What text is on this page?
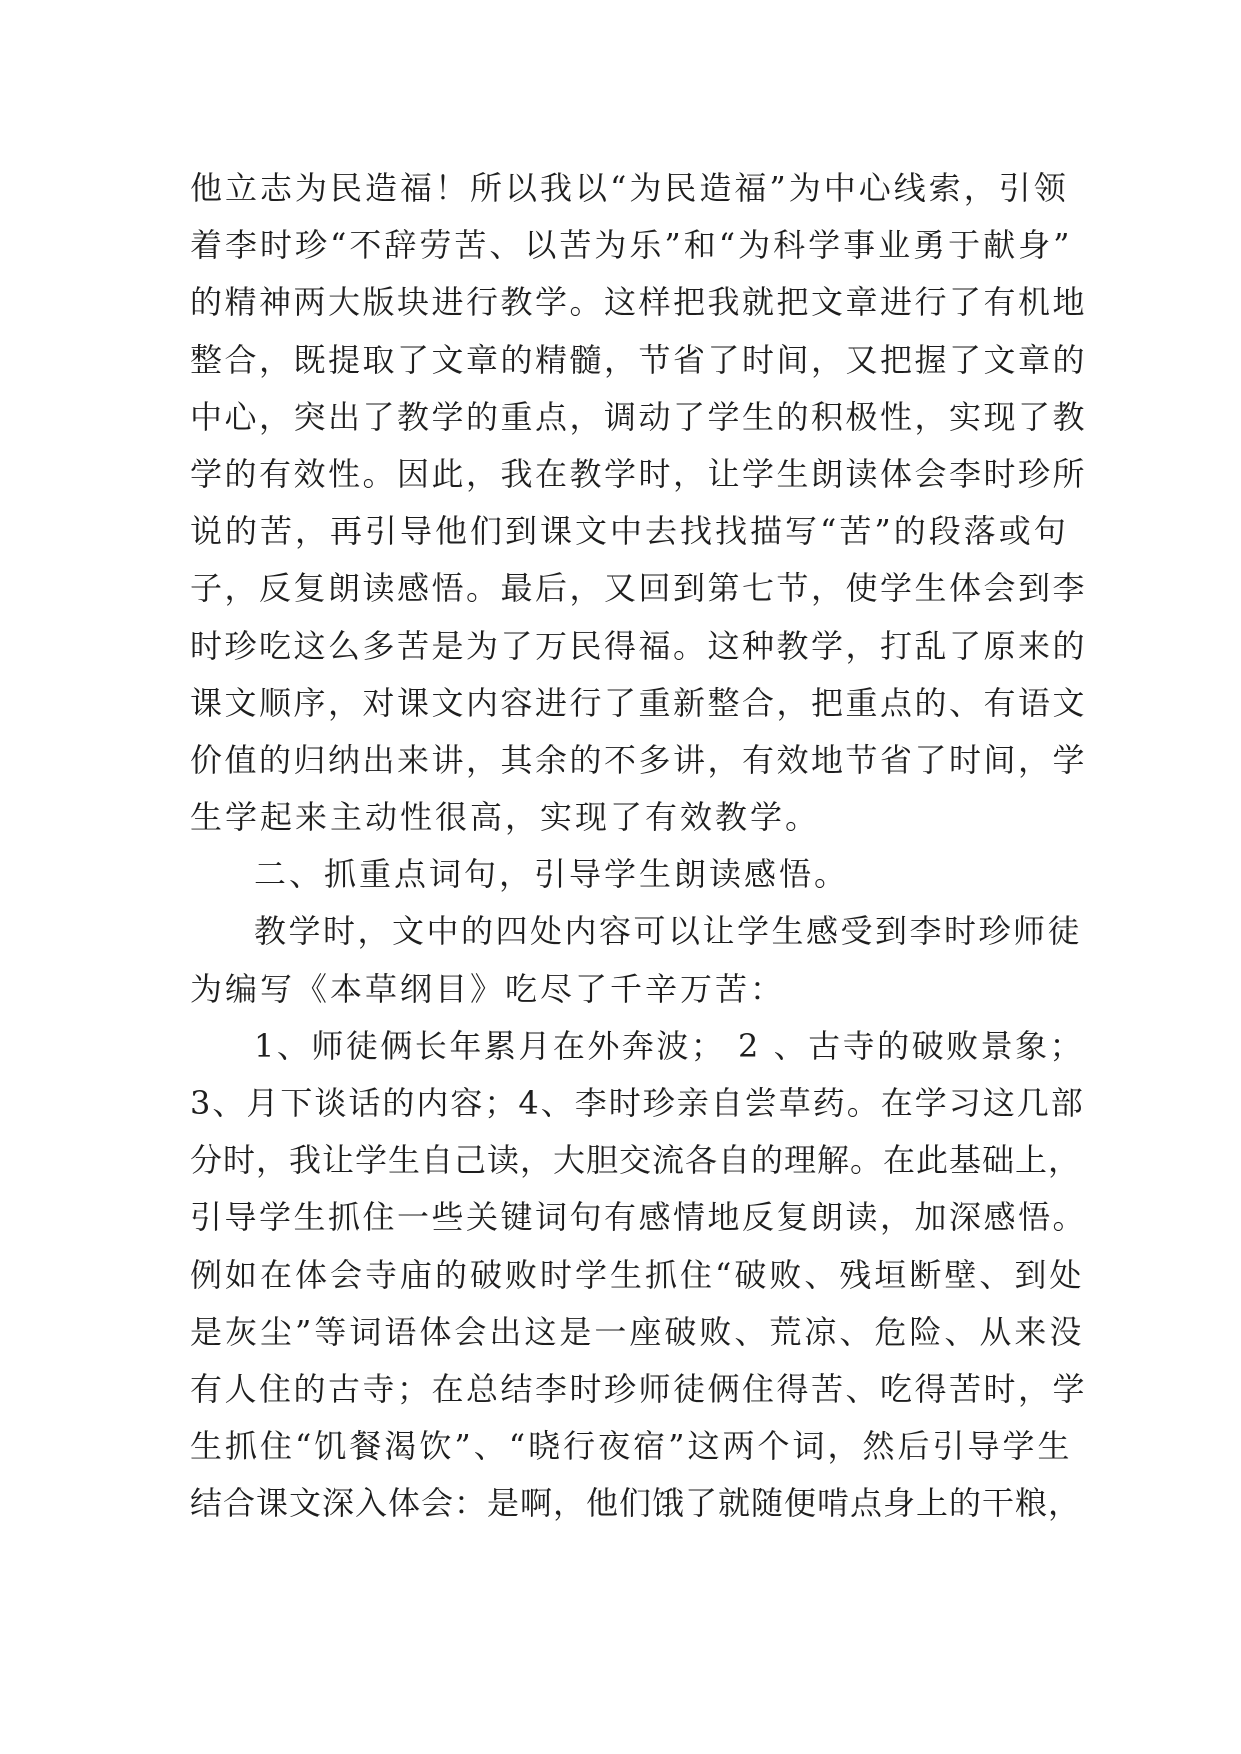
他立志为民造福！所以我以“为民造福”为中心线索，引领
着李时珍“不辞劳苦、以苦为乐”和“为科学事业勇于献身”
的精神两大版块进行教学。这样把我就把文章进行了有机地
整合，既提取了文章的精髓，节省了时间，又把握了文章的
中心，突出了教学的重点，调动了学生的积极性，实现了教
学的有效性。因此，我在教学时，让学生朗读体会李时珍所
说的苦，再引导他们到课文中去找找描写“苦”的段落或句
子，反复朗读感悟。最后，又回到第七节，使学生体会到李
时珍吃这么多苦是为了万民得福。这种教学，打乱了原来的
课文顺序，对课文内容进行了重新整合，把重点的、有语文
价值的归纳出来讲，其余的不多讲，有效地节省了时间，学
生学起来主动性很高，实现了有效教学。
二、抓重点词句，引导学生朗读感悟。
教学时，文中的四处内容可以让学生感受到李时珍师徒
为编写《本草纲目》吃尽了千辛万苦：
1、师徒俩长年累月在外奔波； 2 、古寺的破败景象；
3、月下谈话的内容；4、李时珍亲自尝草药。在学习这几部
分时，我让学生自己读，大胆交流各自的理解。在此基础上，
引导学生抓住一些关键词句有感情地反复朗读，加深感悟。
例如在体会寺庙的破败时学生抓住“破败、残垣断壁、到处
是灰尘”等词语体会出这是一座破败、荒凉、危险、从来没
有人住的古寺；在总结李时珍师徒俩住得苦、吃得苦时，学
生抓住“饥餐渴饮”、“晓行夜宿”这两个词，然后引导学生
结合课文深入体会：是啊，他们饿了就随便啃点身上的干粮，
